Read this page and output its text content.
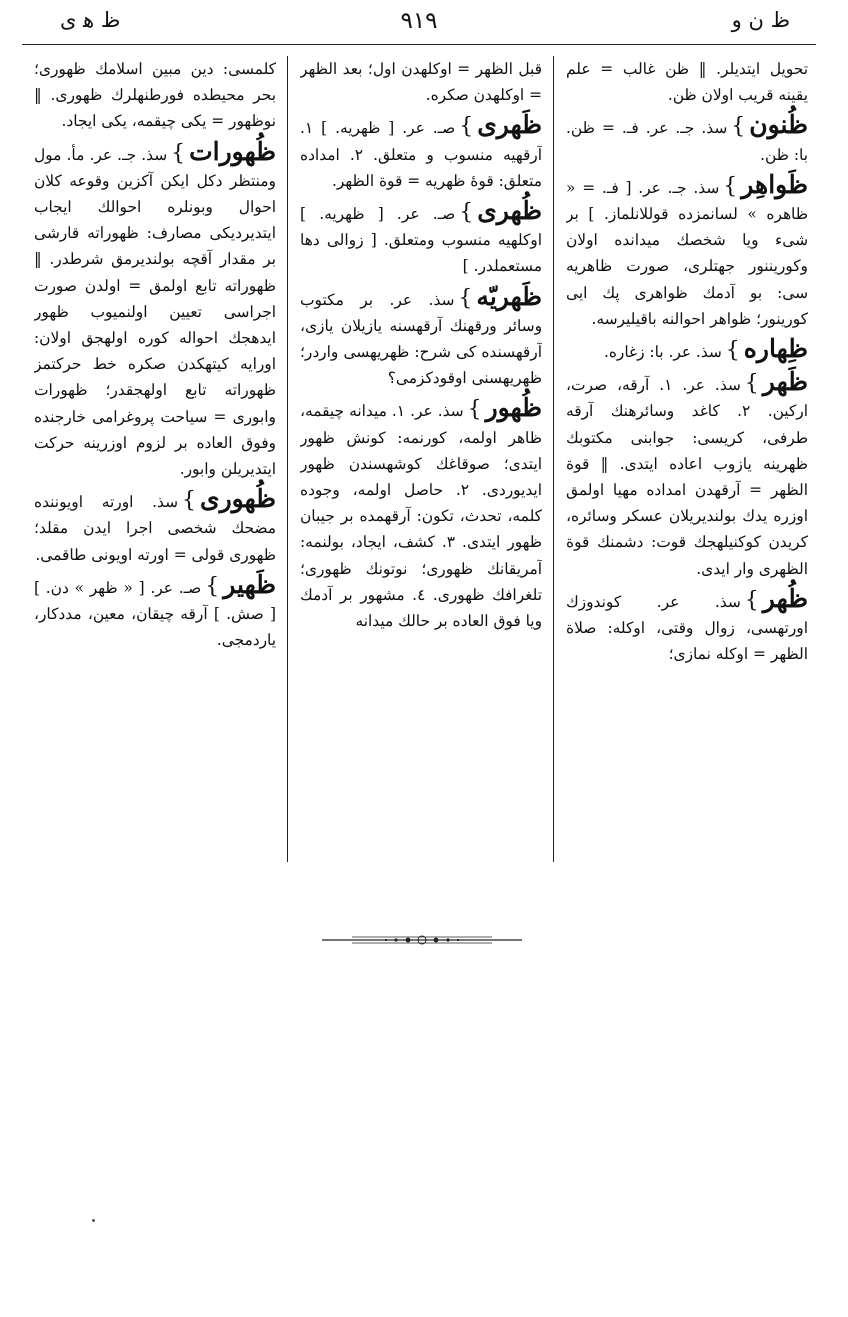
ظ ن و
٩١٩
ظ ﻫ ى

تحويل ايتديلر. ‖ ظن غالب = علم يقينه قريب اولان ظن.

ظُنون}سذ. جـ. عر. فـ. = ظن. با: ظن.

ظَواهِر}سذ. جـ. عر. [ فـ. = « ظاهره » لسانمزده قوللانلماز. ] بر شىء ويا شخصك ميدانده اولان وكوريننور جهتلرى، صورت ظاهريه سى: بو آدمك ظواهرى پك ايى كورينور؛ ظواهر احوالنه باقيليرسه.

ظِهاره}سذ. عر. با: زغاره.

ظَهر}سذ. عر. ١. آرقه، صرت، اركين. ٢. كاغد وسائرهنك آرقه طرفى، كريسى: جوابنى مكتوبك ظهرينه يازوب اعاده ايتدى. ‖ قوة الظهر = آرقهدن امداده مهيا اولمق اوزره يدك بولنديريلان عسكر وسائره، كريدن كوكنيلهجك قوت: دشمنك قوة الظهرى وار ايدى.

ظُهر}سذ. عر. كوندوزك اورتهسى، زوال وقتى، اوكله: صلاة الظهر = اوكله نمازى؛

قبل الظهر = اوكلهدن اول؛ بعد الظهر = اوكلهدن صكره.

ظَهرى}صـ. عر. [ ظهريه. ] ١. آرقهيه منسوب و متعلق. ٢. امداده متعلق: قوهٔ ظهريه = قوة الظهر.

ظُهرى}صـ. عر. [ ظهريه. ] اوكلهيه منسوب ومتعلق. [ زوالى دها مستعملدر. ]

ظَهريّه}سذ. عر. بر مكتوب وسائر ورقهنك آرقهسنه يازيلان يازى، آرقهسنده كى شرح: ظهريهسى واردر؛ ظهريهسنى اوقودكزمى؟

ظُهور}سذ. عر. ١. ميدانه چيقمه، ظاهر اولمه، كورنمه: كونش ظهور ايتدى؛ صوقاغك كوشهسندن ظهور ايديوردى. ٢. حاصل اولمه، وجوده كلمه، تحدث، تكون: آرقهمده بر جيبان ظهور ايتدى. ٣. كشف، ايجاد، بولنمه: آمريقانك ظهورى؛ نوتونك ظهورى؛ تلغرافك ظهورى. ٤. مشهور بر آدمك ويا فوق العاده بر حالك ميدانه

كلمسى: دين مبين اسلامك ظهورى؛ بحر محيطده فورطنهلرك ظهورى. ‖ نوظهور = يكى چيقمه، يكى ايجاد.

ظُهورات}سذ. جـ. عر. مأ. مول ومنتظر دكل ايكن آكزين وقوعه كلان احوال وبونلره احوالك ايجاب ايتديرديكى مصارف: ظهوراته قارشى بر مقدار آقچه بولنديرمق شرطدر. ‖ ظهوراته تابع اولمق = اولدن صورت اجراسى تعيين اولنميوب ظهور ايدهجك احواله كوره اولهجق اولان: اورايه كيتهكدن صكره خط حركتمز ظهوراته تابع اولهجقدر؛ ظهورات وابورى = سياحت پروغرامى خارجنده وفوق العاده بر لزوم اوزرينه حركت ايتديريلن وابور.

ظُهورى}سذ. اورته اويوننده مضحك شخصى اجرا ايدن مقلد؛ ظهورى قولى = اورته اويونى طاقمى.

ظَهير}صـ. عر. [ « ظهر » دن. ] [ صش. ] آرقه چيقان، معين، مددكار، ياردمجى.
